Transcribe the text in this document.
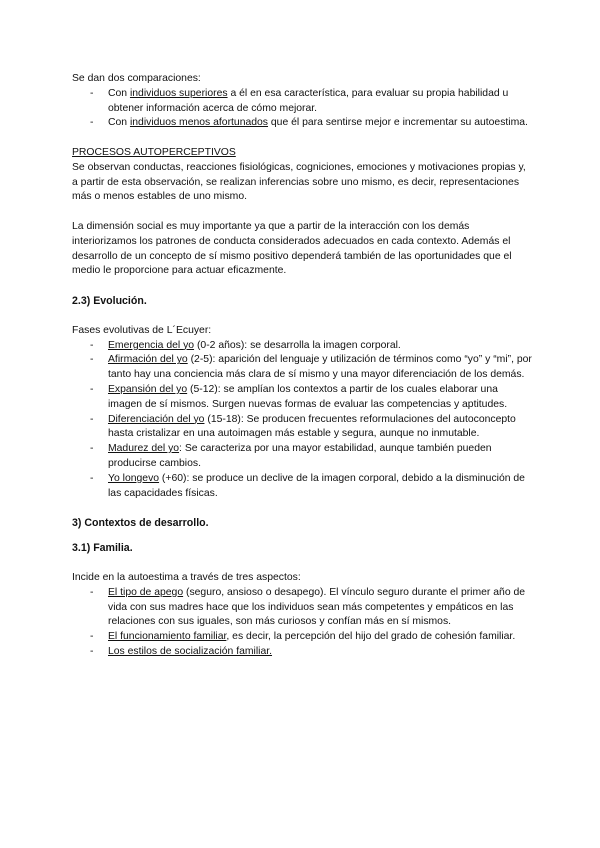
Se dan dos comparaciones:

- Con individuos superiores a él en esa característica, para evaluar su propia habilidad u obtener información acerca de cómo mejorar.
- Con individuos menos afortunados que él para sentirse mejor e incrementar su autoestima.

PROCESOS AUTOPERCEPTIVOS

Se observan conductas, reacciones fisiológicas, cogniciones, emociones y motivaciones propias y, a partir de esta observación, se realizan inferencias sobre uno mismo, es decir, representaciones más o menos estables de uno mismo.

La dimensión social es muy importante ya que a partir de la interacción con los demás interiorizamos los patrones de conducta considerados adecuados en cada contexto. Además el desarrollo de un concepto de sí mismo positivo dependerá también de las oportunidades que el medio le proporcione para actuar eficazmente.

2.3) Evolución.

Fases evolutivas de L´Ecuyer:

- Emergencia del yo (0-2 años): se desarrolla la imagen corporal.
- Afirmación del yo (2-5): aparición del lenguaje y utilización de términos como “yo” y “mi”, por tanto hay una conciencia más clara de sí mismo y una mayor diferenciación de los demás.
- Expansión del yo (5-12): se amplían los contextos a partir de los cuales elaborar una imagen de sí mismos. Surgen nuevas formas de evaluar las competencias y aptitudes.
- Diferenciación del yo (15-18): Se producen frecuentes reformulaciones del autoconcepto hasta cristalizar en una autoimagen más estable y segura, aunque no inmutable.
- Madurez del yo: Se caracteriza por una mayor estabilidad, aunque también pueden producirse cambios.
- Yo longevo (+60): se produce un declive de la imagen corporal, debido a la disminución de las capacidades físicas.
3) Contextos de desarrollo.
3.1) Familia.

Incide en la autoestima a través de tres aspectos:

- El tipo de apego (seguro, ansioso o desapego). El vínculo seguro durante el primer año de vida con sus madres hace que los individuos sean más competentes y empáticos en las relaciones con sus iguales, son más curiosos y confían más en sí mismos.
- El funcionamiento familiar, es decir, la percepción del hijo del grado de cohesión familiar.
- Los estilos de socialización familiar.
